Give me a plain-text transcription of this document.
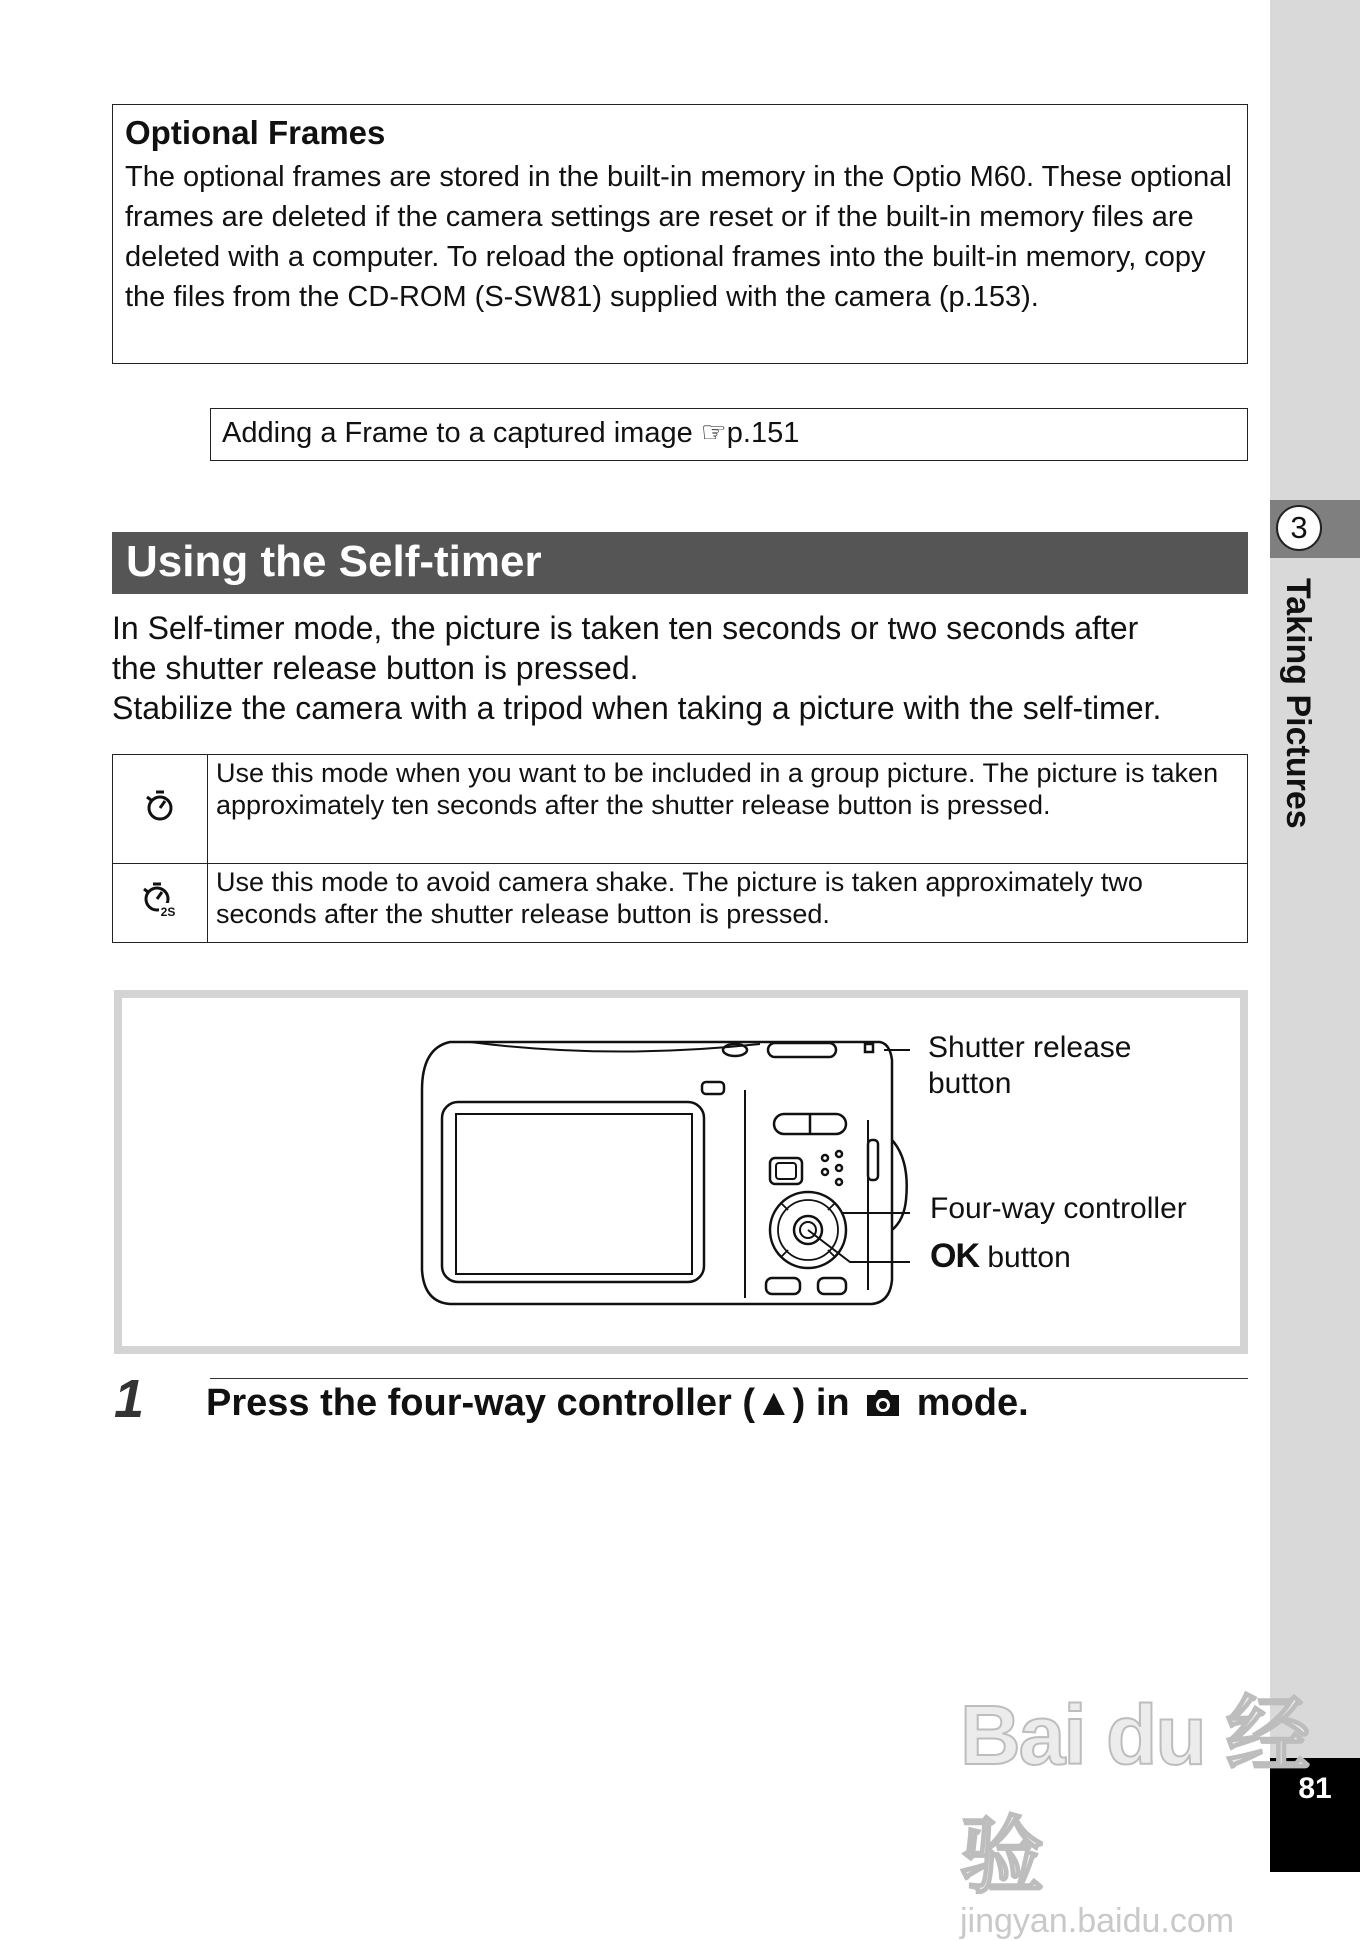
3
Taking Pictures
81

Optional Frames

The optional frames are stored in the built-in memory in the Optio M60. These optional frames are deleted if the camera settings are reset or if the built-in memory files are deleted with a computer. To reload the optional frames into the built-in memory, copy the files from the CD-ROM (S-SW81) supplied with the camera (p.153).

Adding a Frame to a captured image ☞p.151
Using the Self-timer

In Self-timer mode, the picture is taken ten seconds or two seconds after

the shutter release button is pressed.

Stabilize the camera with a tripod when taking a picture with the self-timer.

	Use this mode when you want to be included in a group picture. The picture is taken approximately ten seconds after the shutter release button is pressed.

2S	Use this mode to avoid camera shake. The picture is taken approximately two seconds after the shutter release button is pressed.
Shutter release
button
Four-way controller
OK button
1 Press the four-way controller (▲) in mode.
Bai du 经验
jingyan.baidu.com
